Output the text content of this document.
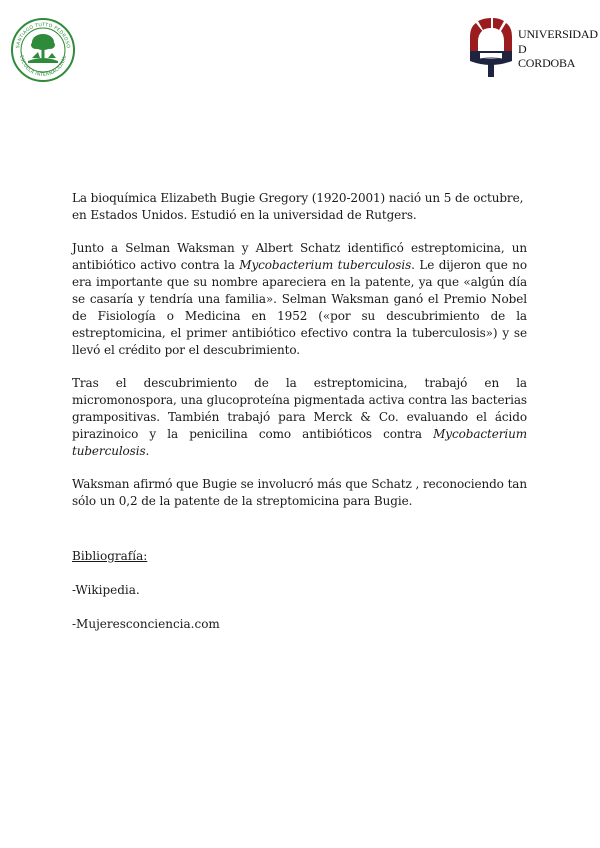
SANTIAGO TUTTO PEDROSO
ESCUELA INTERNACIONAL
UNIVERSIDAD
D
CORDOBA

La bioquímica Elizabeth Bugie Gregory (1920-2001) nació un 5 de octubre, en Estados Unidos. Estudió en la universidad de Rutgers.

Junto a Selman Waksman y Albert Schatz identificó estreptomicina, un antibiótico activo contra la Mycobacterium tuberculosis. Le dijeron que no era importante que su nombre apareciera en la patente, ya que «algún día se casaría y tendría una familia». Selman Waksman ganó el Premio Nobel de Fisiología o Medicina en 1952 («por su descubrimiento de la estreptomicina, el primer antibiótico efectivo contra la tuberculosis») y se llevó el crédito por el descubrimiento.

Tras el descubrimiento de la estreptomicina, trabajó en la micromonospora, una glucoproteína pigmentada activa contra las bacterias grampositivas. También trabajó para Merck & Co. evaluando el ácido pirazinoico y la penicilina como antibióticos contra Mycobacterium tuberculosis.

Waksman afirmó que Bugie se involucró más que Schatz , reconociendo tan sólo un 0,2 de la patente de la streptomicina para Bugie.

Bibliografía:

-Wikipedia.

-Mujeresconciencia.com
